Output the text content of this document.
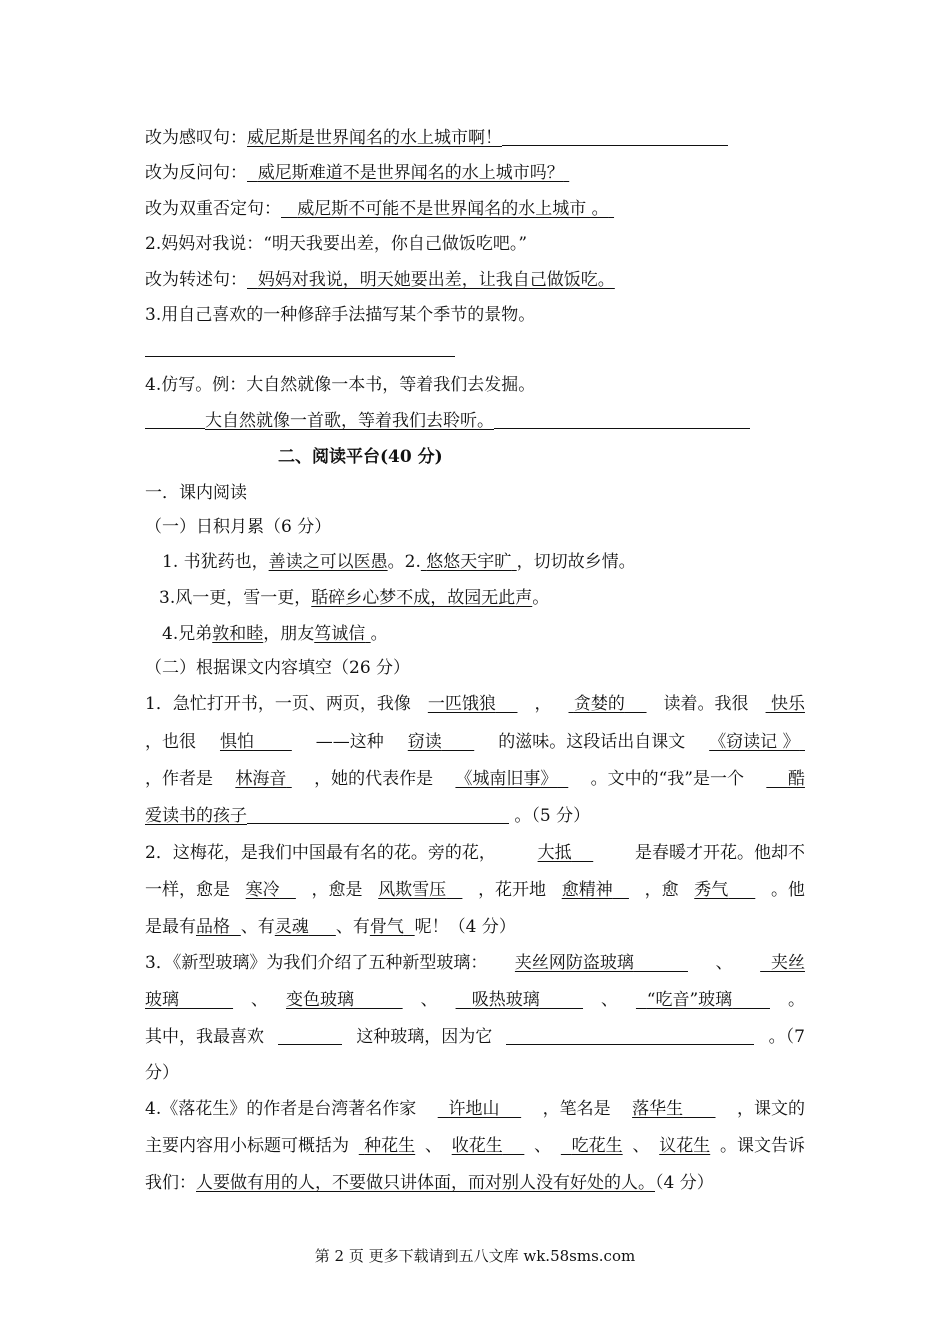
改为感叹句：威尼斯是世界闻名的水上城市啊！
改为反问句： 威尼斯难道不是世界闻名的水上城市吗？
改为双重否定句： 威尼斯不可能不是世界闻名的水上城市 。
2.妈妈对我说：“明天我要出差，你自己做饭吃吧。”
改为转述句： 妈妈对我说，明天她要出差，让我自己做饭吃。
3.用自己喜欢的一种修辞手法描写某个季节的景物。
4.仿写。例：大自然就像一本书，等着我们去发掘。
大自然就像一首歌，等着我们去聆听。
二、阅读平台(40 分)
一．课内阅读
（一）日积月累（6 分）
1. 书犹药也，善读之可以医愚。2. 悠悠天宇旷 ，切切故乡情。
3.风一更，雪一更，聒碎乡心梦不成，故园无此声。
4.兄弟敦和睦，朋友笃诚信 。
（二）根据课文内容填空（26 分）
1．急忙打开书，一页、两页，我像 一匹饿狼	，	贪婪的	读着。我很	快乐
，也很 惧怕	——这种 窃读	的滋味。这段话出自课文 《窃读记 》
，作者是 林海音	，她的代表作是 《城南旧事》	。文中的“我”是一个	酷
爱读书的孩子	。（5 分）
2．这梅花，是我们中国最有名的花。旁的花， 大抵	是春暖才开花。他却不
一样，愈是 寒冷	，愈是 风欺雪压	，花开地 愈精神	，愈 秀气	。他
是最有品格 、有灵魂 、有骨气 呢！（4 分）
3．《新型玻璃》为我们介绍了五种新型玻璃： 夹丝网防盗玻璃	、	夹丝
玻璃	、 变色玻璃	、	吸热玻璃	、	“吃音”玻璃	。
其中，我最喜欢	这种玻璃，因为它	。（7
分）
4.《落花生》的作者是台湾著名作家	许地山	，笔名是 落华生	，课文的
主要内容用小标题可概括为 种花生 、 收花生	、	吃花生 、 议花生 。课文告诉
我们：人要做有用的人，不要做只讲体面，而对别人没有好处的人。（4 分）
第 2 页 更多下载请到五八文库 wk.58sms.com
